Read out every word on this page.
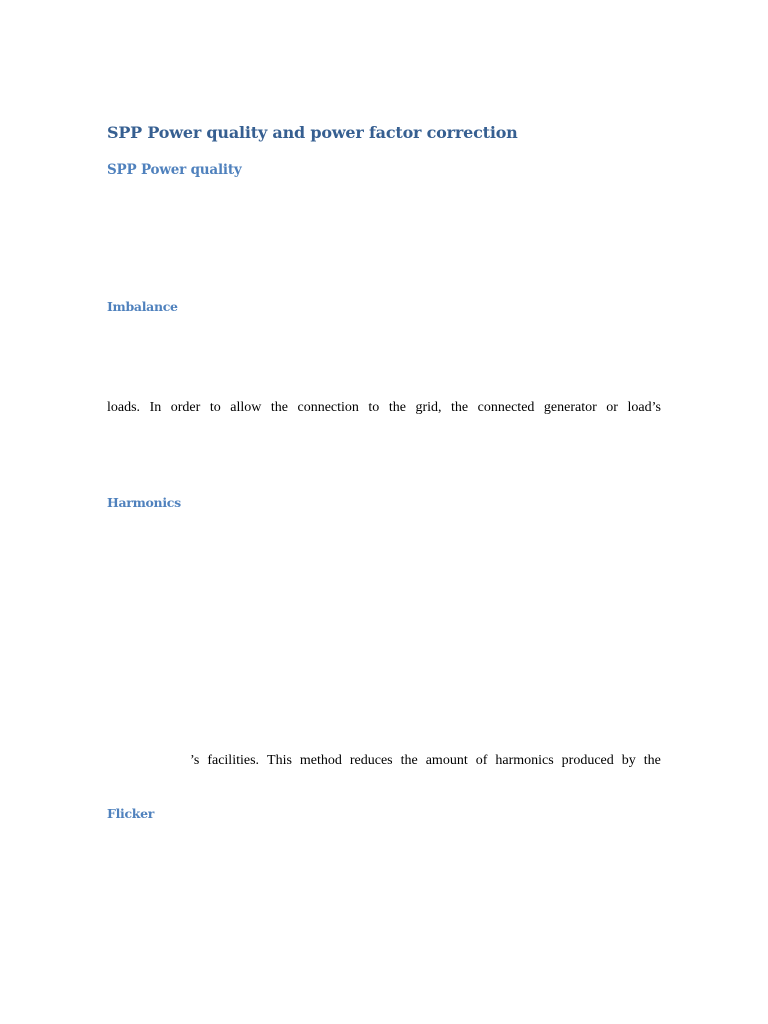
SPP Power quality and power factor correction
SPP Power quality
Imbalance

loads. In order to allow the connection to the grid, the connected generator or load’s

Harmonics

’s facilities. This method reduces the amount of harmonics produced by the

Flicker
